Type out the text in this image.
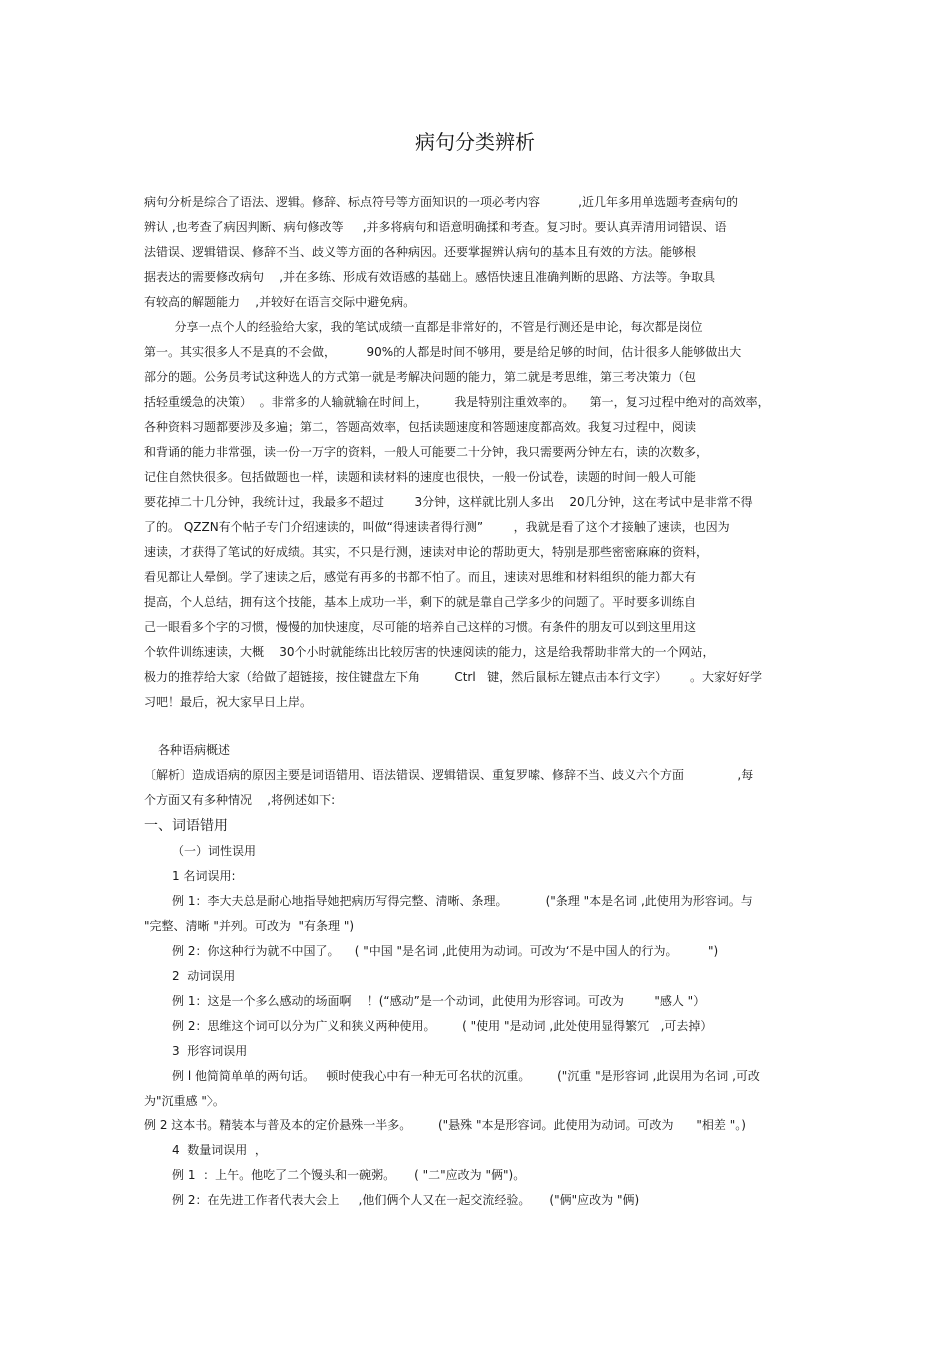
病句分类辨析
病句分析是综合了语法、逻辑。修辞、标点符号等方面知识的一项必考内容          ,近几年多用单选题考查病句的
辨认 ,也考查了病因判断、病句修改等     ,并多将病句和语意明确揉和考查。复习时。要认真弄清用词错误、语
法错误、逻辑错误、修辞不当、歧义等方面的各种病因。还要掌握辨认病句的基本且有效的方法。能够根
据表达的需要修改病句    ,并在多练、形成有效语感的基础上。感悟快速且准确判断的思路、方法等。争取具
有较高的解题能力    ,并较好在语言交际中避免病。
分享一点个人的经验给大家，我的笔试成绩一直都是非常好的，不管是行测还是申论，每次都是岗位
第一。其实很多人不是真的不会做，        90%的人都是时间不够用，要是给足够的时间，估计很多人能够做出大
部分的题。公务员考试这种选人的方式第一就是考解决问题的能力，第二就是考思维，第三考决策力（包
括轻重缓急的决策）  。非常多的人输就输在时间上，       我是特别注重效率的。    第一，复习过程中绝对的高效率，
各种资料习题都要涉及多遍；第二，答题高效率，包括读题速度和答题速度都高效。我复习过程中，阅读
和背诵的能力非常强，读一份一万字的资料，一般人可能要二十分钟，我只需要两分钟左右，读的次数多，
记住自然快很多。包括做题也一样，读题和读材料的速度也很快，一般一份试卷，读题的时间一般人可能
要花掉二十几分钟，我统计过，我最多不超过        3分钟，这样就比别人多出    20几分钟，这在考试中是非常不得
了的。 QZZN有个帖子专门介绍速读的，叫做“得速读者得行测”        ，我就是看了这个才接触了速读，也因为
速读，才获得了笔试的好成绩。其实，不只是行测，速读对申论的帮助更大，特别是那些密密麻麻的资料，
看见都让人晕倒。学了速读之后，感觉有再多的书都不怕了。而且，速读对思维和材料组织的能力都大有
提高，个人总结，拥有这个技能，基本上成功一半，剩下的就是靠自己学多少的问题了。平时要多训练自
己一眼看多个字的习惯，慢慢的加快速度，尽可能的培养自己这样的习惯。有条件的朋友可以到这里用这
个软件训练速读，大概    30个小时就能练出比较厉害的快速阅读的能力，这是给我帮助非常大的一个网站，
极力的推荐给大家（给做了超链接，按住键盘左下角         Ctrl   键，然后鼠标左键点击本行文字）      。大家好好学
习吧！最后，祝大家早日上岸。
各种语病概述
〔解析〕造成语病的原因主要是词语错用、语法错误、逻辑错误、重复罗嗦、修辞不当、歧义六个方面              ,每
个方面又有多种情况    ,将例述如下:
一、词语错用
（一）词性误用
1 名词误用:
例 1：李大夫总是耐心地指导她把病历写得完整、清晰、条理。          ("条理 "本是名词 ,此使用为形容词。与
"完整、清晰 "并列。可改为  "有条理 ")
例 2：你这种行为就不中国了。    ( "中国 "是名词 ,此使用为动词。可改为‘不是中国人的行为。        ")
2  动词误用
例 1：这是一个多么感动的场面啊    ！(“感动”是一个动词，此使用为形容词。可改为        "感人 "）
例 2：思维这个词可以分为广义和狭义两种使用。       ( "使用 "是动词 ,此处使用显得繁冗   ,可去掉）
3  形容词误用
例 l 他简简单单的两句话。   顿时使我心中有一种无可名状的沉重。       ("沉重 "是形容词 ,此误用为名词 ,可改
为"沉重感 "〉。
例 2 这本书。精装本与普及本的定价悬殊一半多。       ("悬殊 "本是形容词。此使用为动词。可改为      "相差 "。)
4  数量词误用  ，
例 1  ：上午。他吃了二个馒头和一碗粥。     ( "二"应改为 "俩")。
例 2：在先进工作者代表大会上     ,他们俩个人又在一起交流经验。     ("俩"应改为 "俩)
